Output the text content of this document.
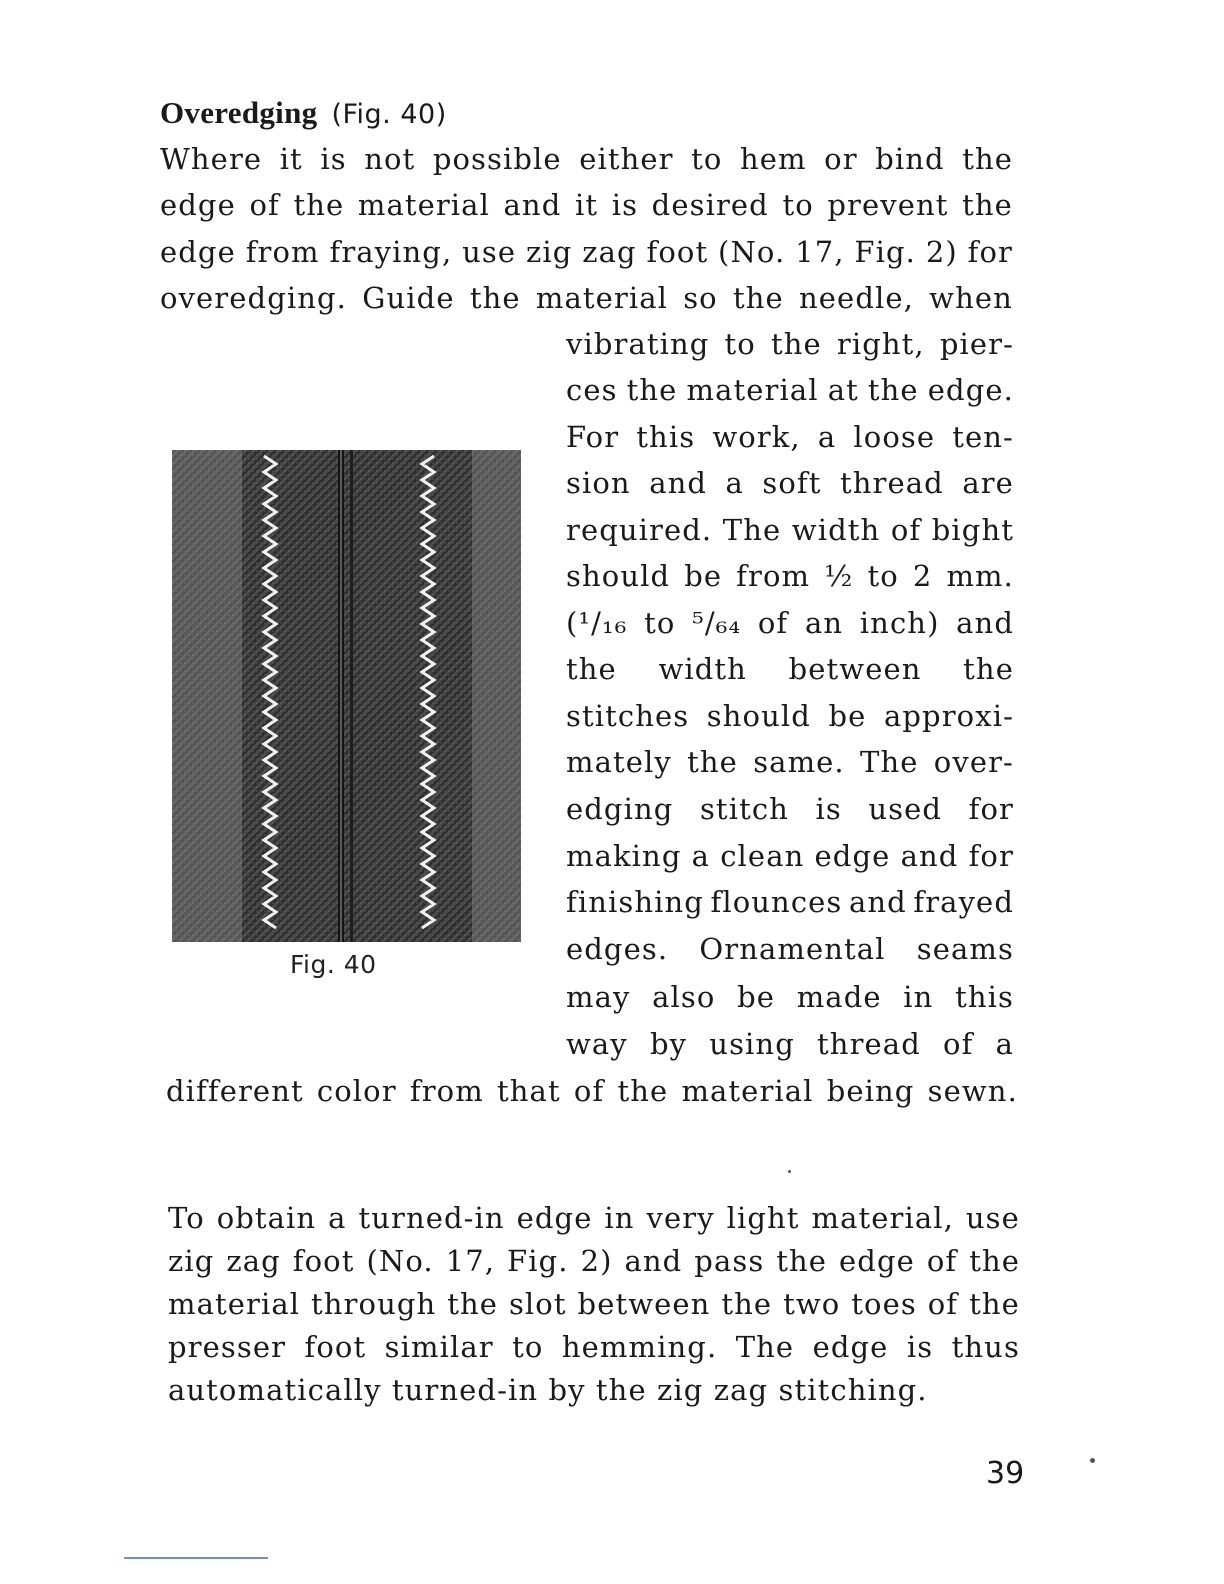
Overedging (Fig. 40)
Where it is not possible either to hem or bind the
edge of the material and it is desired to prevent the
edge from fraying, use zig zag foot (No. 17, Fig. 2) for
overedging. Guide the material so the needle, when
vibrating to the right, pier-
ces the material at the edge.
For this work, a loose ten-
sion and a soft thread are
required. The width of bight
should be from ½ to 2 mm.
(¹/₁₆ to ⁵/₆₄ of an inch) and
the width between the
stitches should be approxi-
mately the same. The over-
edging stitch is used for
making a clean edge and for
finishing flounces and frayed
edges. Ornamental seams
may also be made in this
way by using thread of a
different color from that of the material being sewn.
To obtain a turned-in edge in very light material, use
zig zag foot (No. 17, Fig. 2) and pass the edge of the
material through the slot between the two toes of the
presser foot similar to hemming. The edge is thus
automatically turned-in by the zig zag stitching.
Fig. 40
39
